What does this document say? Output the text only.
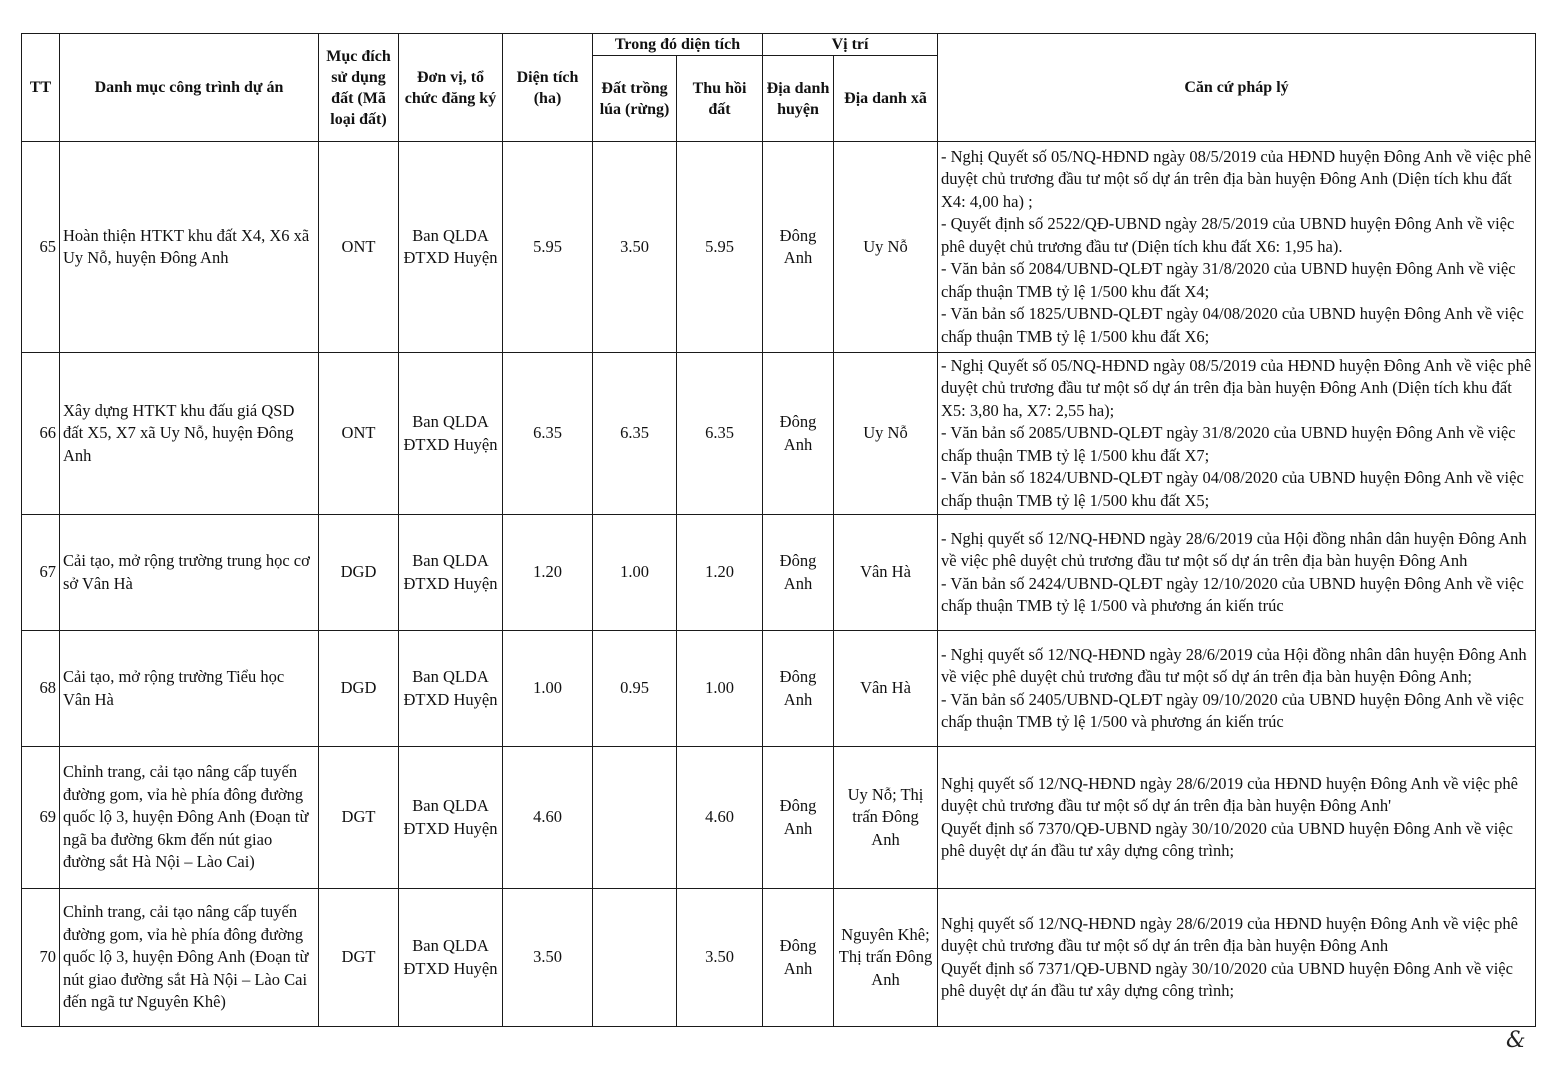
TT	Danh mục công trình dự án	Mục đích sử dụng đất (Mã loại đất)	Đơn vị, tổ chức đăng ký	Diện tích (ha)	Trong đó diện tích		Vị trí		Căn cứ pháp lý
					Đất trồng lúa (rừng)	Thu hồi đất	Địa danh huyện	Địa danh xã	
65	Hoàn thiện HTKT khu đất X4, X6 xã Uy Nỗ, huyện Đông Anh	ONT	Ban QLDA ĐTXD Huyện	5.95	3.50	5.95	Đông Anh	Uy Nỗ	- Nghị Quyết số 05/NQ-HĐND ngày 08/5/2019 của HĐND huyện Đông Anh về việc phê duyệt chủ trương đầu tư một số dự án trên địa bàn huyện Đông Anh (Diện tích khu đất X4: 4,00 ha) ;
- Quyết định số 2522/QĐ-UBND ngày 28/5/2019 của UBND huyện Đông Anh về việc phê duyệt chủ trương đầu tư (Diện tích khu đất X6: 1,95 ha).
- Văn bản số 2084/UBND-QLĐT ngày 31/8/2020 của UBND huyện Đông Anh về việc chấp thuận TMB tỷ lệ 1/500 khu đất X4;
- Văn bản số 1825/UBND-QLĐT ngày 04/08/2020 của UBND huyện Đông Anh về việc chấp thuận TMB tỷ lệ 1/500 khu đất X6;

66	Xây dựng HTKT khu đấu giá QSD đất X5, X7 xã Uy Nỗ, huyện Đông Anh	ONT	Ban QLDA ĐTXD Huyện	6.35	6.35	6.35	Đông Anh	Uy Nỗ	- Nghị Quyết số 05/NQ-HĐND ngày 08/5/2019 của HĐND huyện Đông Anh về việc phê duyệt chủ trương đầu tư một số dự án trên địa bàn huyện Đông Anh (Diện tích khu đất X5: 3,80 ha, X7: 2,55 ha);
- Văn bản số 2085/UBND-QLĐT ngày 31/8/2020 của UBND huyện Đông Anh về việc chấp thuận TMB tỷ lệ 1/500 khu đất X7;
- Văn bản số 1824/UBND-QLĐT ngày 04/08/2020 của UBND huyện Đông Anh về việc chấp thuận TMB tỷ lệ 1/500 khu đất X5;

67	Cải tạo, mở rộng trường trung học cơ sở Vân Hà	DGD	Ban QLDA ĐTXD Huyện	1.20	1.00	1.20	Đông Anh	Vân Hà	- Nghị quyết số 12/NQ-HĐND ngày 28/6/2019 của Hội đồng nhân dân huyện Đông Anh về việc phê duyệt chủ trương đầu tư một số dự án trên địa bàn huyện Đông Anh
- Văn bản số 2424/UBND-QLĐT ngày 12/10/2020 của UBND huyện Đông Anh về việc chấp thuận TMB tỷ lệ 1/500 và phương án kiến trúc

68	Cải tạo, mở rộng trường Tiểu học Vân Hà	DGD	Ban QLDA ĐTXD Huyện	1.00	0.95	1.00	Đông Anh	Vân Hà	- Nghị quyết số 12/NQ-HĐND ngày 28/6/2019 của Hội đồng nhân dân huyện Đông Anh về việc phê duyệt chủ trương đầu tư một số dự án trên địa bàn huyện Đông Anh;
- Văn bản số 2405/UBND-QLĐT ngày 09/10/2020 của UBND huyện Đông Anh về việc chấp thuận TMB tỷ lệ 1/500 và phương án kiến trúc

69	Chỉnh trang, cải tạo nâng cấp tuyến đường gom, vỉa hè phía đông đường quốc lộ 3, huyện Đông Anh (Đoạn từ ngã ba đường 6km đến nút giao đường sắt Hà Nội – Lào Cai)	DGT	Ban QLDA ĐTXD Huyện	4.60		4.60	Đông Anh	Uy Nỗ; Thị trấn Đông Anh	Nghị quyết số 12/NQ-HĐND ngày 28/6/2019 của HĐND huyện Đông Anh về việc phê duyệt chủ trương đầu tư một số dự án trên địa bàn huyện Đông Anh'
Quyết định số 7370/QĐ-UBND ngày 30/10/2020 của UBND huyện Đông Anh về việc phê duyệt dự án đầu tư xây dựng công trình;

70	Chỉnh trang, cải tạo nâng cấp tuyến đường gom, vỉa hè phía đông đường quốc lộ 3, huyện Đông Anh (Đoạn từ nút giao đường sắt Hà Nội – Lào Cai đến ngã tư Nguyên Khê)	DGT	Ban QLDA ĐTXD Huyện	3.50		3.50	Đông Anh	Nguyên Khê; Thị trấn Đông Anh	Nghị quyết số 12/NQ-HĐND ngày 28/6/2019 của HĐND huyện Đông Anh về việc phê duyệt chủ trương đầu tư một số dự án trên địa bàn huyện Đông Anh
Quyết định số 7371/QĐ-UBND ngày 30/10/2020 của UBND huyện Đông Anh về việc phê duyệt dự án đầu tư xây dựng công trình;
&
